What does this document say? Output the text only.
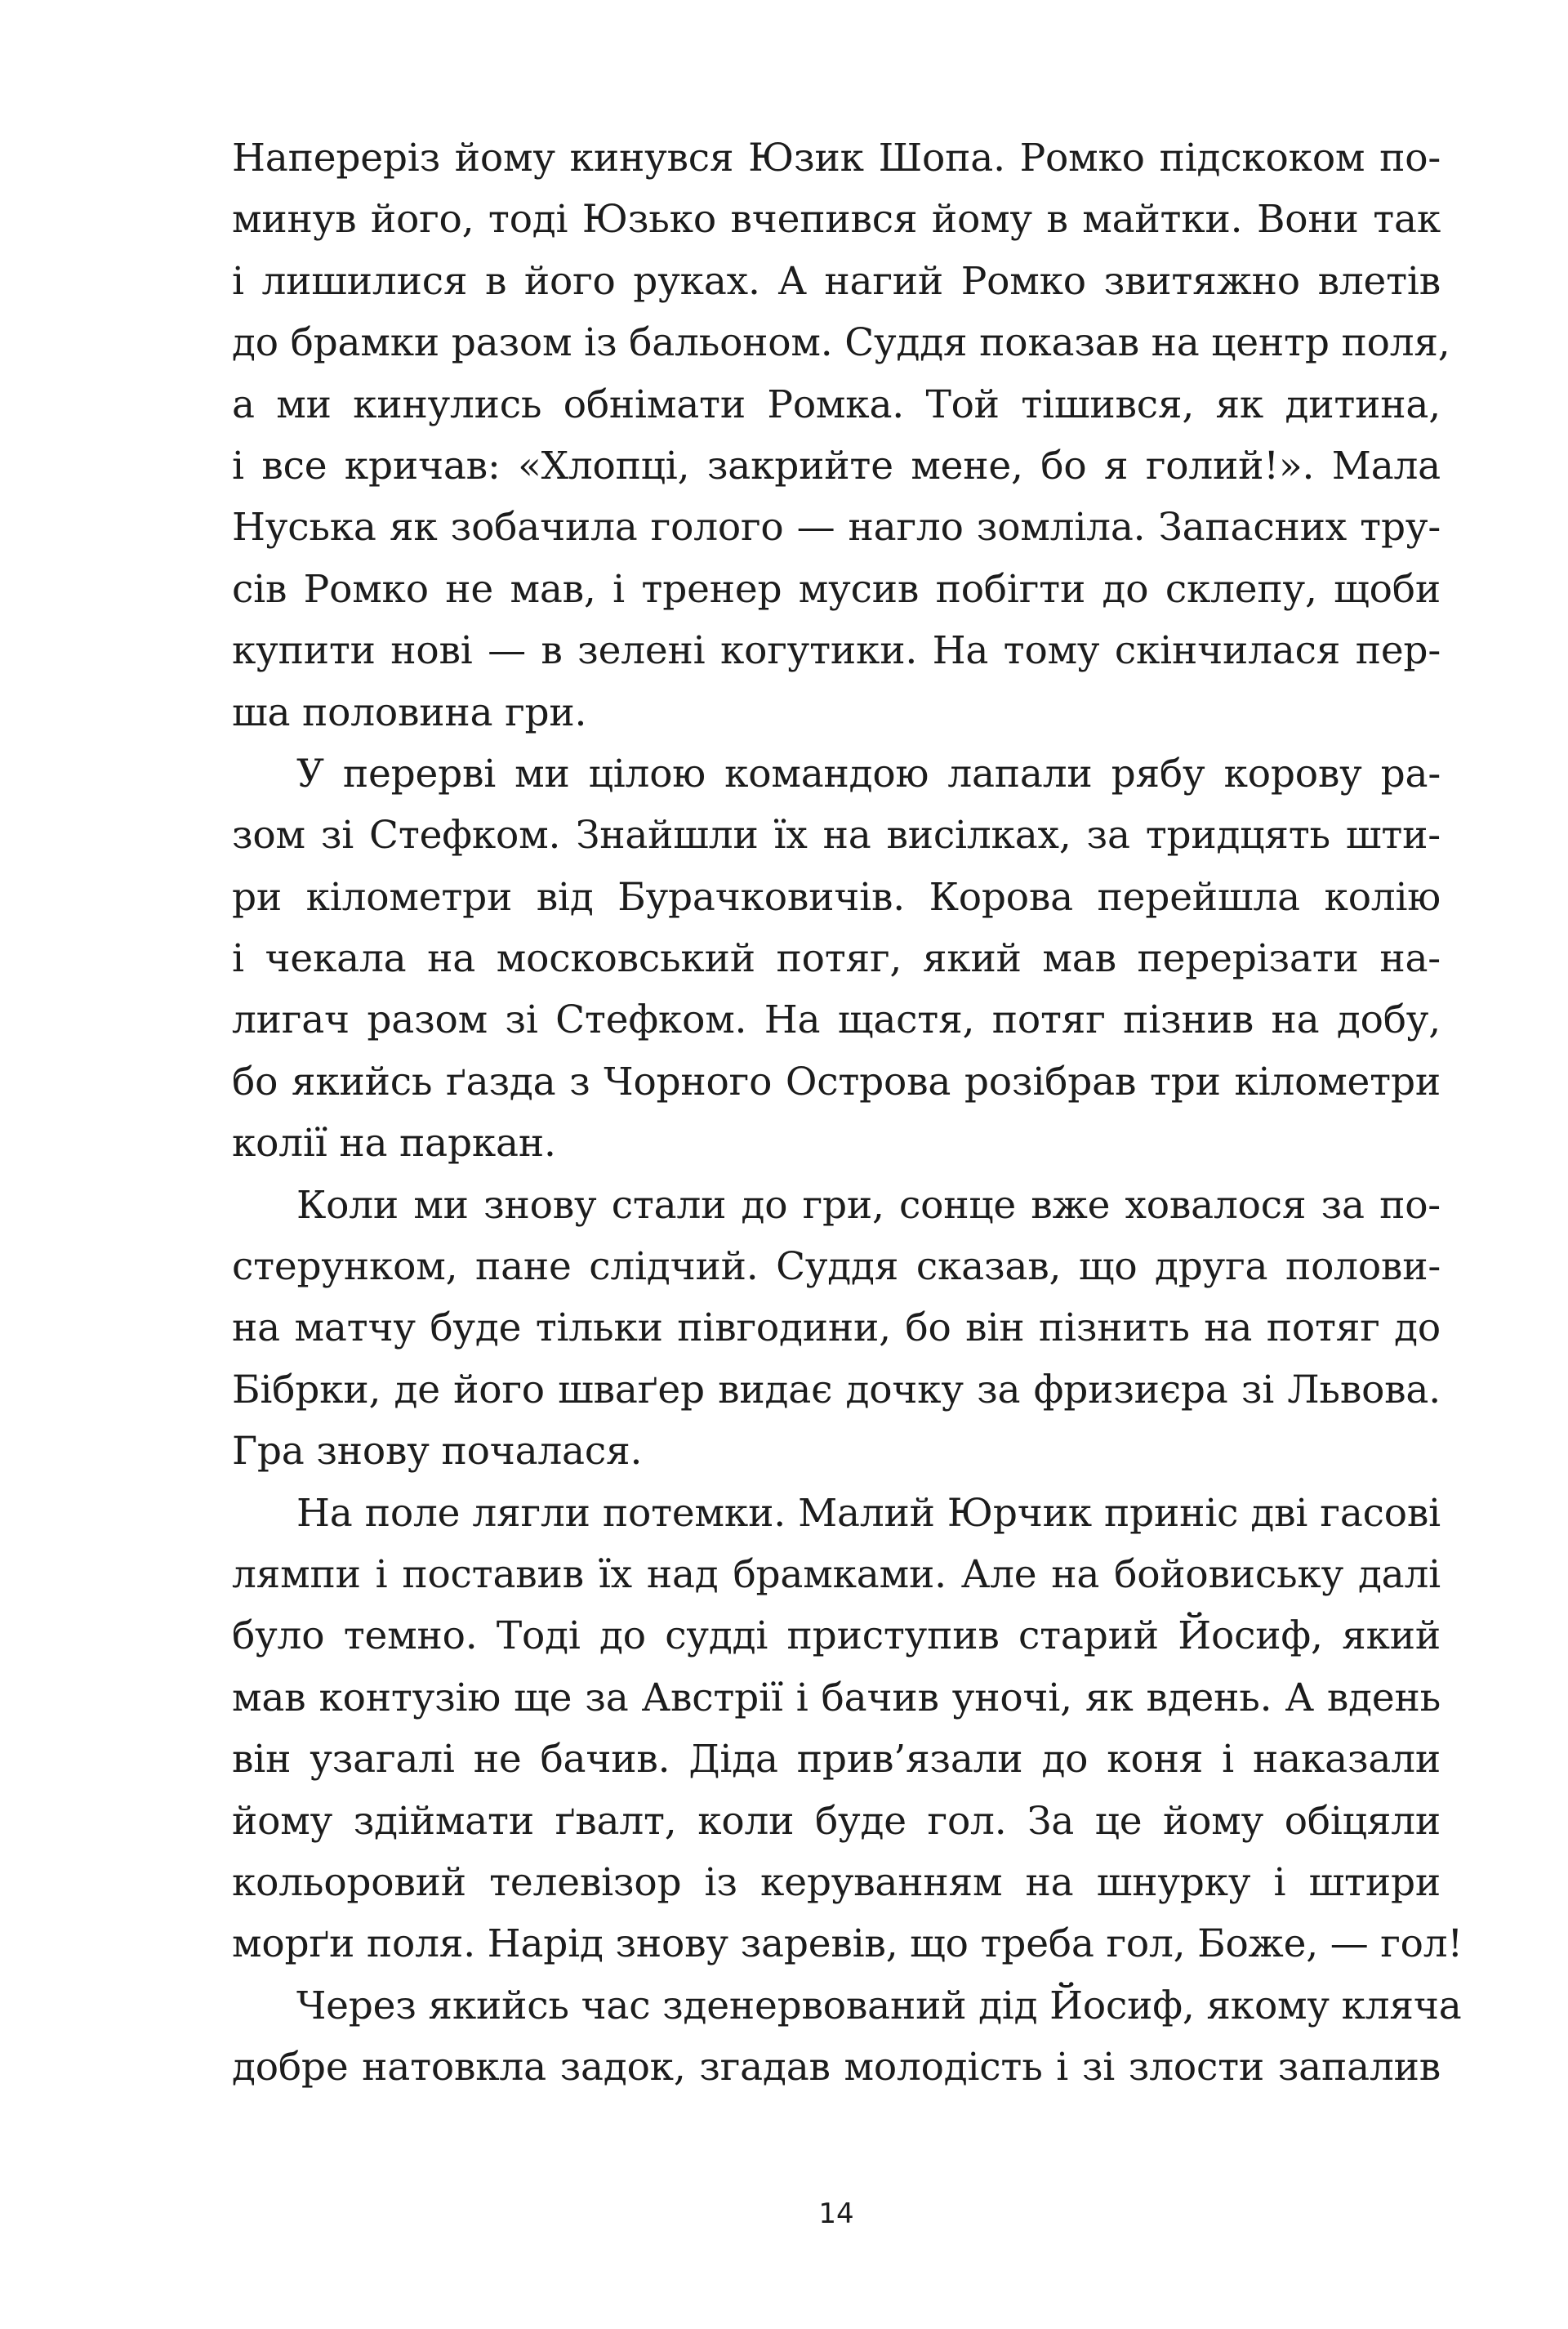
Напереріз йому кинувся Юзик Шопа. Ромко підскоком по-
минув його, тоді Юзько вчепився йому в майтки. Вони так
і лишилися в його руках. А нагий Ромко звитяжно влетів
до брамки разом із бальоном. Суддя показав на центр поля,
а ми кинулись обнімати Ромка. Той тішився, як дитина,
і все кричав: «Хлопці, закрийте мене, бо я голий!». Мала
Нуська як зобачила голого — нагло зомліла. Запасних тру-
сів Ромко не мав, і тренер мусив побігти до склепу, щоби
купити нові — в зелені когутики. На тому скінчилася пер-
ша половина гри.
У перерві ми цілою командою лапали рябу корову ра-
зом зі Стефком. Знайшли їх на висілках, за тридцять шти-
ри кілометри від Бурачковичів. Корова перейшла колію
і чекала на московський потяг, який мав перерізати на-
лигач разом зі Стефком. На щастя, потяг пізнив на добу,
бо якийсь ґазда з Чорного Острова розібрав три кілометри
колії на паркан.
Коли ми знову стали до гри, сонце вже ховалося за по-
стерунком, пане слідчий. Суддя сказав, що друга полови-
на матчу буде тільки півгодини, бо він пізнить на потяг до
Бібрки, де його шваґер видає дочку за фризиєра зі Львова.
Гра знову почалася.
На поле лягли потемки. Малий Юрчик приніс дві гасові
лямпи і поставив їх над брамками. Але на бойовиську далі
було темно. Тоді до судді приступив старий Йосиф, який
мав контузію ще за Австрії і бачив уночі, як вдень. А вдень
він узагалі не бачив. Діда прив’язали до коня і наказали
йому здіймати ґвалт, коли буде гол. За це йому обіцяли
кольоровий телевізор із керуванням на шнурку і штири
морґи поля. Нарід знову заревів, що треба гол, Боже, — гол!
Через якийсь час зденервований дід Йосиф, якому кляча
добре натовкла задок, згадав молодість і зі злости запалив
14
